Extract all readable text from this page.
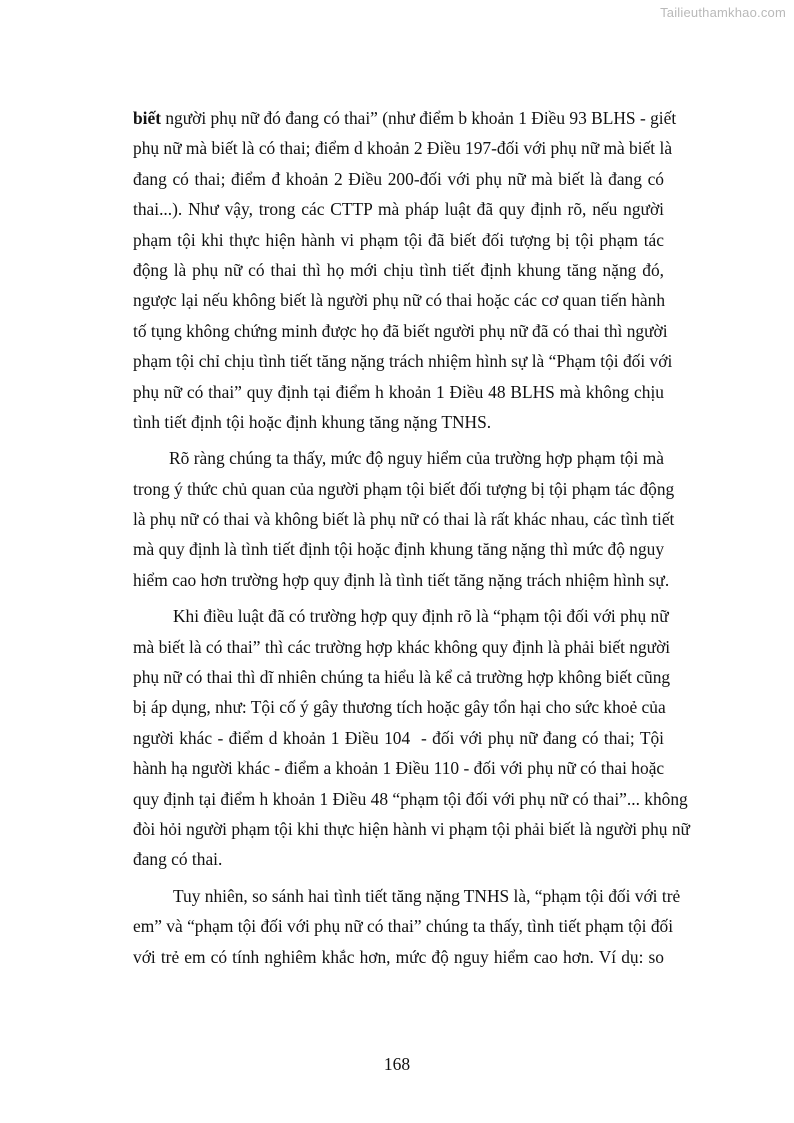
Tailieuthamkhao.com
biết người phụ nữ đó đang có thai” (như điểm b khoản 1 Điều 93 BLHS - giết
phụ nữ mà biết là có thai; điểm d khoản 2 Điều 197-đối với phụ nữ mà biết là
đang có thai; điểm đ khoản 2 Điều 200-đối với phụ nữ mà biết là đang có
thai...). Như vậy, trong các CTTP mà pháp luật đã quy định rõ, nếu người
phạm tội khi thực hiện hành vi phạm tội đã biết đối tượng bị tội phạm tác
động là phụ nữ có thai thì họ mới chịu tình tiết định khung tăng nặng đó,
ngược lại nếu không biết là người phụ nữ có thai hoặc các cơ quan tiến hành
tố tụng không chứng minh được họ đã biết người phụ nữ đã có thai thì người
phạm tội chỉ chịu tình tiết tăng nặng trách nhiệm hình sự là “Phạm tội đối với
phụ nữ có thai” quy định tại điểm h khoản 1 Điều 48 BLHS mà không chịu
tình tiết định tội hoặc định khung tăng nặng TNHS.
Rõ ràng chúng ta thấy, mức độ nguy hiểm của trường hợp phạm tội mà
trong ý thức chủ quan của người phạm tội biết đối tượng bị tội phạm tác động
là phụ nữ có thai và không biết là phụ nữ có thai là rất khác nhau, các tình tiết
mà quy định là tình tiết định tội hoặc định khung tăng nặng thì mức độ nguy
hiểm cao hơn trường hợp quy định là tình tiết tăng nặng trách nhiệm hình sự.
Khi điều luật đã có trường hợp quy định rõ là “phạm tội đối với phụ nữ
mà biết là có thai” thì các trường hợp khác không quy định là phải biết người
phụ nữ có thai thì dĩ nhiên chúng ta hiểu là kể cả trường hợp không biết cũng
bị áp dụng, như: Tội cố ý gây thương tích hoặc gây tổn hại cho sức khoẻ của
người khác - điểm d khoản 1 Điều 104  - đối với phụ nữ đang có thai; Tội
hành hạ người khác - điểm a khoản 1 Điều 110 - đối với phụ nữ có thai hoặc
quy định tại điểm h khoản 1 Điều 48 “phạm tội đối với phụ nữ có thai”... không
đòi hỏi người phạm tội khi thực hiện hành vi phạm tội phải biết là người phụ nữ
đang có thai.
Tuy nhiên, so sánh hai tình tiết tăng nặng TNHS là, “phạm tội đối với trẻ
em” và “phạm tội đối với phụ nữ có thai” chúng ta thấy, tình tiết phạm tội đối
với trẻ em có tính nghiêm khắc hơn, mức độ nguy hiểm cao hơn. Ví dụ: so
168
